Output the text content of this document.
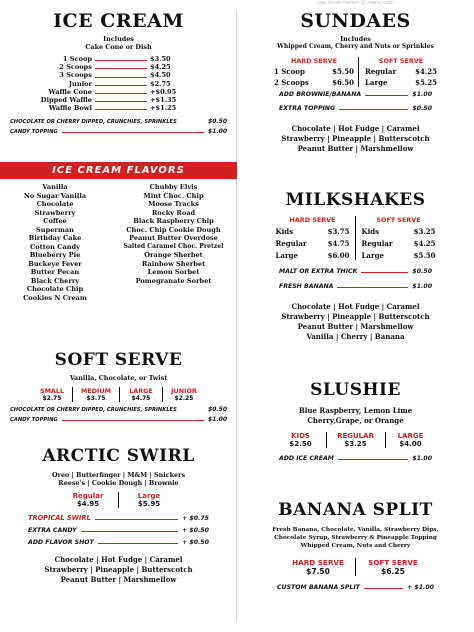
see more menus @ menu.com
ICE CREAM
Includes
Cake Cone or Dish
1 Scoop	$3.50
2 Scoops	$4.25
3 Scoops	$4.50
Junior	$2.75
Waffle Cone	+$0.95
Dipped Waffle	+$1.35
Waffle Bowl	+$1.25
CHOCOLATE OR CHERRY DIPPED, CRUNCHIES, SPRINKLES	$0.50
CANDY TOPPING	$1.00
ICE CREAM FLAVORS
Vanilla
No Sugar Vanilla
Chocolate
Strawberry
Coffee
Superman
Birthday Cake
Cotton Candy
Blueberry Pie
Buckeye Fever
Butter Pecan
Black Cherry
Chocolate Chip
Cookies N Cream
Chubby Elvis
Mint Choc. Chip
Moose Tracks
Rocky Road
Black Raspberry Chip
Choc. Chip Cookie Dough
Peanut Butter Overdose
Salted Caramel Choc. Pretzel
Orange Sherbet
Rainbow Sherbet
Lemon Sorbet
Pomegranate Sorbet
SOFT SERVE
Vanilla, Chocolate, or Twist
SMALL
$2.75
MEDIUM
$3.75
LARGE
$4.75
JUNIOR
$2.25
CHOCOLATE OR CHERRY DIPPED, CRUNCHIES, SPRINKLES	$0.50
CANDY TOPPING	$1.00
ARCTIC SWIRL
Oreo | Butterfinger | M&M | Snickers
Reese's | Cookie Dough | Brownie
Regular
$4.95
Large
$5.95
TROPICAL SWIRL	+ $0.75
EXTRA CANDY	+ $0.50
ADD FLAVOR SHOT	+ $0.50
Chocolate | Hot Fudge | Caramel
Strawberry | Pineapple | Butterscotch
Peanut Butter | Marshmellow
SUNDAES
Includes
Whipped Cream, Cherry and Nuts or Sprinkles
HARD SERVE
1 Scoop	$5.50
2 Scoops	$6.50
SOFT SERVE
Regular	$4.25
Large	$5.25
ADD BROWNIE/BANANA	$1.00
EXTRA TOPPING	$0.50
Chocolate | Hot Fudge | Caramel
Strawberry | Pineapple | Butterscotch
Peanut Butter | Marshmellow
MILKSHAKES
HARD SERVE
Kids	$3.75
Regular	$4.75
Large	$6.00
SOFT SERVE
Kids	$3.25
Regular	$4.25
Large	$5.50
MALT OR EXTRA THICK	$0.50
FRESH BANANA	$1.00
Chocolate | Hot Fudge | Caramel
Strawberry | Pineapple | Butterscotch
Peanut Butter | Marshmellow
Vanilla | Cherry | Banana
SLUSHIE
Blue Raspberry, Lemon Lime
Cherry,Grape, or Orange
KIDS
$2.50
REGULAR
$3.25
LARGE
$4.00
ADD ICE CREAM	$1.00
BANANA SPLIT
Fresh Banana, Chocolate, Vanilla, Strawberry Dips,
Chocolate Syrup, Strawberry & Pineapple Topping
Whipped Cream, Nuts and Cherry
HARD SERVE
$7.50
SOFT SERVE
$6.25
CUSTOM BANANA SPLIT	+ $1.00
